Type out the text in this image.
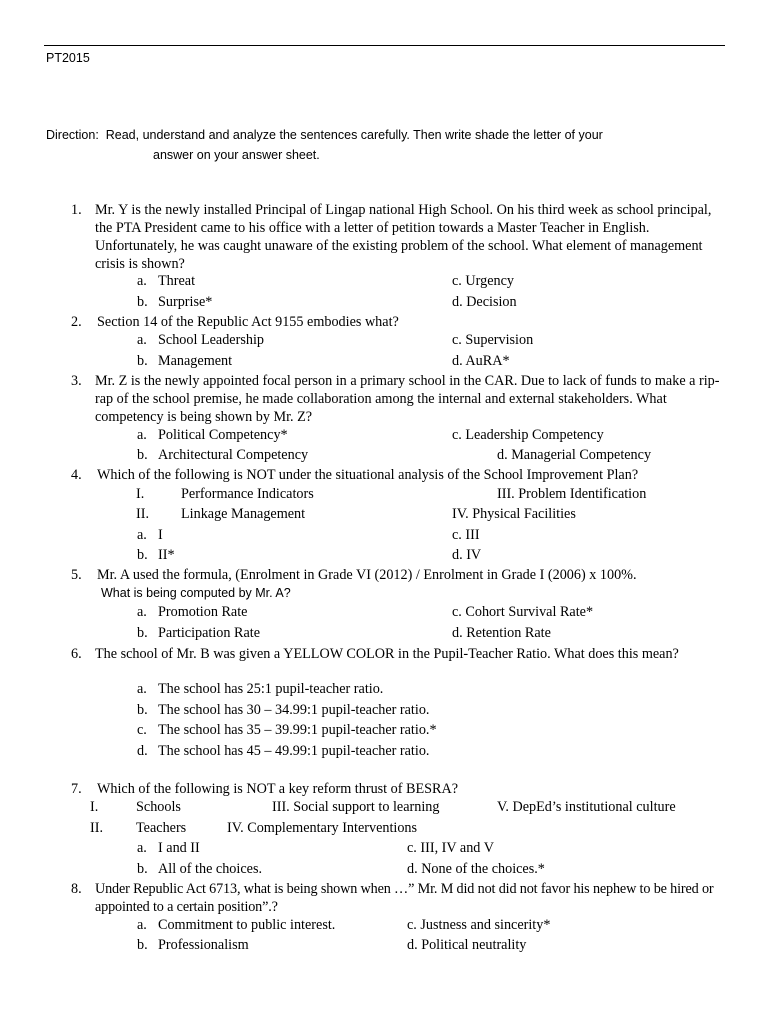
PT2015
Direction: Read, understand and analyze the sentences carefully. Then write shade the letter of your
answer on your answer sheet.
1. Mr. Y is the newly installed Principal of Lingap national High School. On his third week as school principal, the PTA President came to his office with a letter of petition towards a Master Teacher in English. Unfortunately, he was caught unaware of the existing problem of the school. What element of management crisis is shown?
a. Threat	c. Urgency
b. Surprise*	d. Decision
2. Section 14 of the Republic Act 9155 embodies what?
a. School Leadership	c. Supervision
b. Management	d. AuRA*
3. Mr. Z is the newly appointed focal person in a primary school in the CAR. Due to lack of funds to make a rip-rap of the school premise, he made collaboration among the internal and external stakeholders. What competency is being shown by Mr. Z?
a. Political Competency*	c. Leadership Competency
b. Architectural Competency	d. Managerial Competency
4. Which of the following is NOT under the situational analysis of the School Improvement Plan?
I.	Performance Indicators	III. Problem Identification
II. Linkage Management	IV. Physical Facilities
a. I	c. III
b. II*	d. IV
5. Mr. A used the formula, (Enrolment in Grade VI (2012) / Enrolment in Grade I (2006) x 100%.
What is being computed by Mr. A?
a. Promotion Rate	c. Cohort Survival Rate*
b. Participation Rate	d. Retention Rate
6. The school of Mr. B was given a YELLOW COLOR in the Pupil-Teacher Ratio. What does this mean?
a. The school has 25:1 pupil-teacher ratio.
b. The school has 30 – 34.99:1 pupil-teacher ratio.
c. The school has 35 – 39.99:1 pupil-teacher ratio.*
d. The school has 45 – 49.99:1 pupil-teacher ratio.
7. Which of the following is NOT a key reform thrust of BESRA?
I.	Schools	III. Social support to learning	V. DepEd’s institutional culture
II. Teachers	IV. Complementary Interventions
a. I and II	c. III, IV and V
b. All of the choices.	d. None of the choices.*
8. Under Republic Act 6713, what is being shown when …” Mr. M did not did not favor his nephew to be hired or appointed to a certain position”.?
a. Commitment to public interest.	c. Justness and sincerity*
b. Professionalism	d. Political neutrality
